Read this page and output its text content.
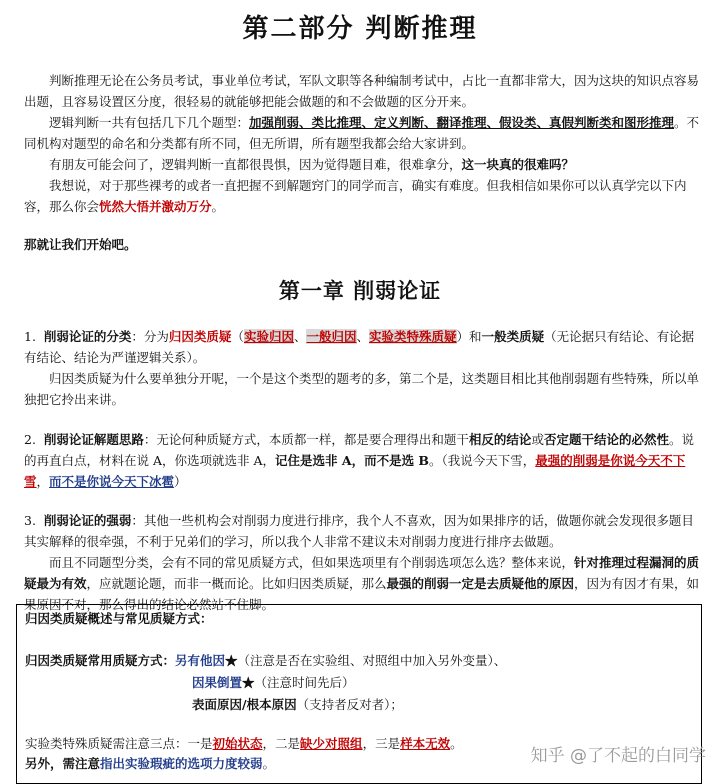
第二部分 判断推理
判断推理无论在公务员考试，事业单位考试，军队文职等各种编制考试中，占比一直都非常大，因为这块的知识点容易出题，且容易设置区分度，很轻易的就能够把能会做题的和不会做题的区分开来。
逻辑判断一共有包括几下几个题型：加强削弱、类比推理、定义判断、翻译推理、假设类、真假判断类和图形推理。不同机构对题型的命名和分类都有所不同，但无所谓，所有题型我都会给大家讲到。
有朋友可能会问了，逻辑判断一直都很畏惧，因为觉得题目难，很难拿分，这一块真的很难吗？
我想说，对于那些裸考的或者一直把握不到解题窍门的同学而言，确实有难度。但我相信如果你可以认真学完以下内容，那么你会恍然大悟并激动万分。
那就让我们开始吧。
第一章 削弱论证
1. 削弱论证的分类：分为归因类质疑（实验归因、一般归因、实验类特殊质疑）和一般类质疑（无论据只有结论、有论据有结论、结论为严谨逻辑关系）。
归因类质疑为什么要单独分开呢，一个是这个类型的题考的多，第二个是，这类题目相比其他削弱题有些特殊，所以单独把它拎出来讲。
2. 削弱论证解题思路：无论何种质疑方式，本质都一样，都是要合理得出和题干相反的结论或否定题干结论的必然性。说的再直白点，材料在说 A，你选项就选非 A，记住是选非 A，而不是选 B。（我说今天下雪，最强的削弱是你说今天不下雪，而不是你说今天下冰雹）
3. 削弱论证的强弱：其他一些机构会对削弱力度进行排序，我个人不喜欢，因为如果排序的话，做题你就会发现很多题目其实解释的很牵强，不利于兄弟们的学习，所以我个人非常不建议未对削弱力度进行排序去做题。
而且不同题型分类，会有不同的常见质疑方式，但如果选项里有个削弱选项怎么选？整体来说，针对推理过程漏洞的质疑最为有效，应就题论题，而非一概而论。比如归因类质疑，那么最强的削弱一定是去质疑他的原因，因为有因才有果，如果原因不对，那么得出的结论必然站不住脚。
归因类质疑概述与常见质疑方式：
归因类质疑常用质疑方式：另有他因★（注意是否在实验组、对照组中加入另外变量）、
因果倒置★（注意时间先后）
表面原因/根本原因（支持者反对者）；
实验类特殊质疑需注意三点：一是初始状态，二是缺少对照组，三是样本无效。
另外，需注意指出实验瑕疵的选项力度较弱。	知乎 @了不起的白同学
